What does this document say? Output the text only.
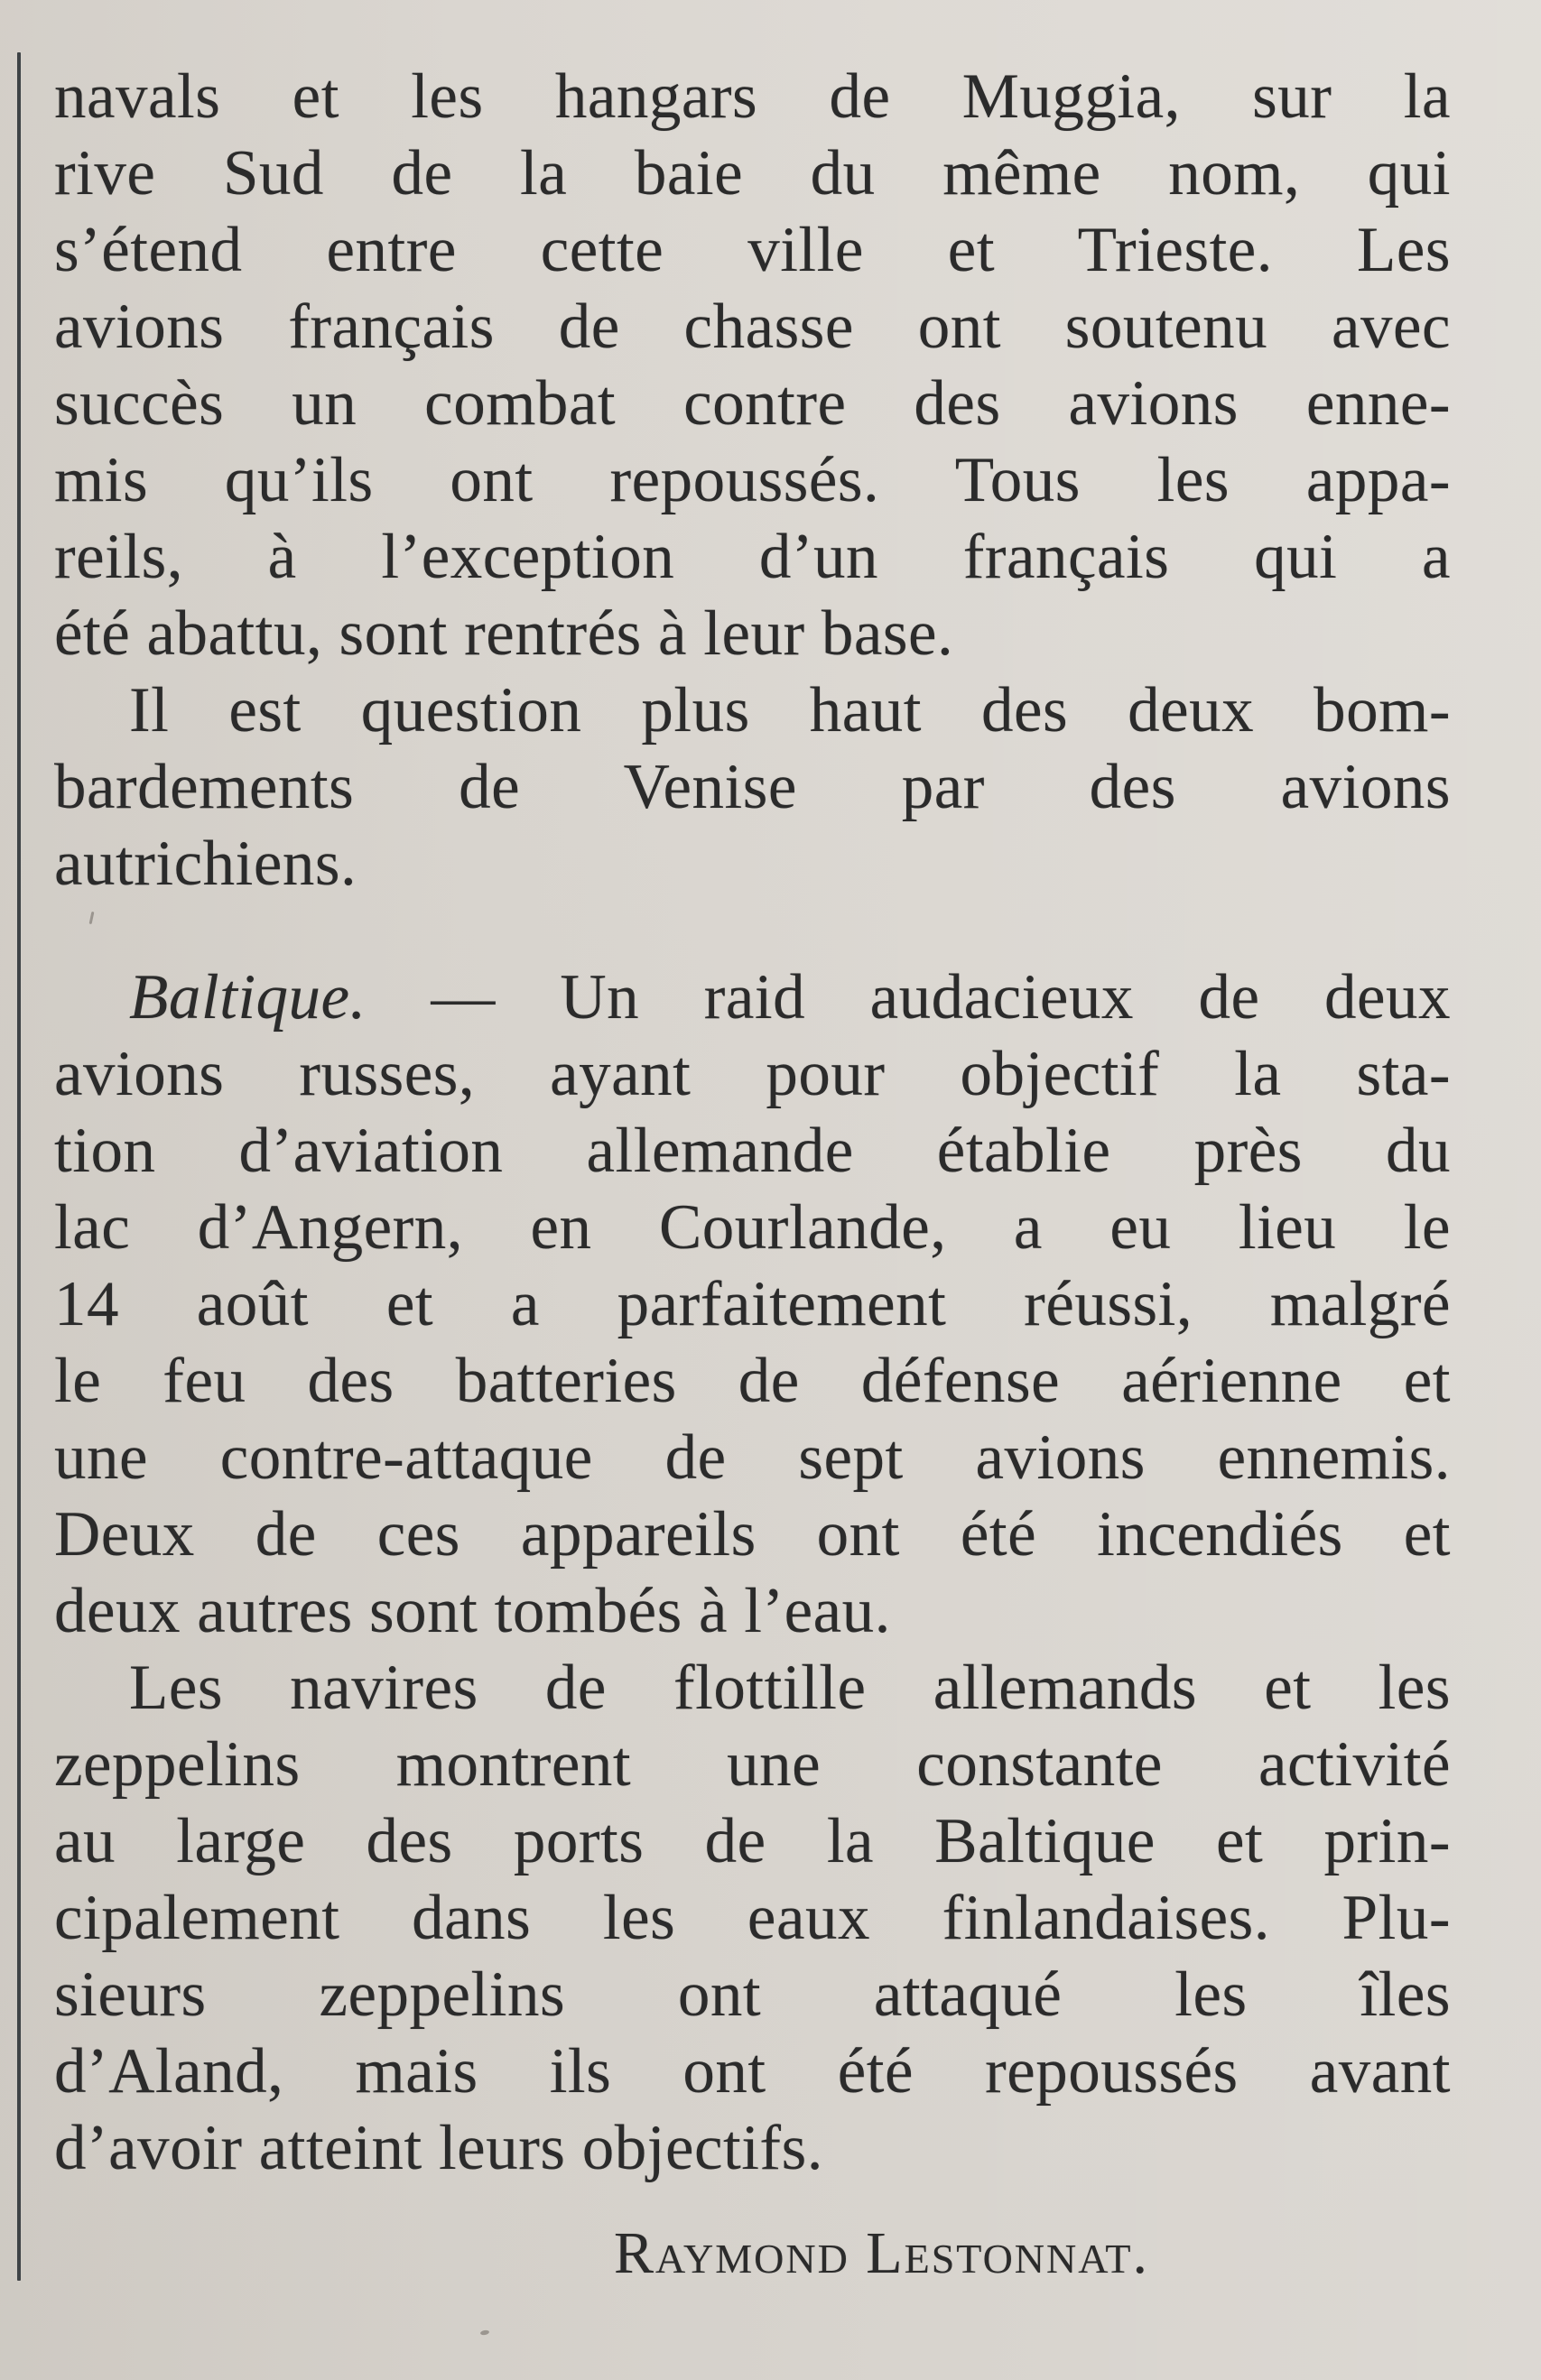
navals et les hangars de Muggia, sur la
rive Sud de la baie du même nom, qui
s’étend entre cette ville et Trieste. Les
avions français de chasse ont soutenu avec
succès un combat contre des avions enne-
mis qu’ils ont repoussés. Tous les appa-
reils, à l’exception d’un français qui a
été abattu, sont rentrés à leur base.
Il est question plus haut des deux bom-
bardements de Venise par des avions
autrichiens.
Baltique. — Un raid audacieux de deux
avions russes, ayant pour objectif la sta-
tion d’aviation allemande établie près du
lac d’Angern, en Courlande, a eu lieu le
14 août et a parfaitement réussi, malgré
le feu des batteries de défense aérienne et
une contre-attaque de sept avions ennemis.
Deux de ces appareils ont été incendiés et
deux autres sont tombés à l’eau.
Les navires de flottille allemands et les
zeppelins montrent une constante activité
au large des ports de la Baltique et prin-
cipalement dans les eaux finlandaises. Plu-
sieurs zeppelins ont attaqué les îles
d’Aland, mais ils ont été repoussés avant
d’avoir atteint leurs objectifs.
Raymond Lestonnat.
